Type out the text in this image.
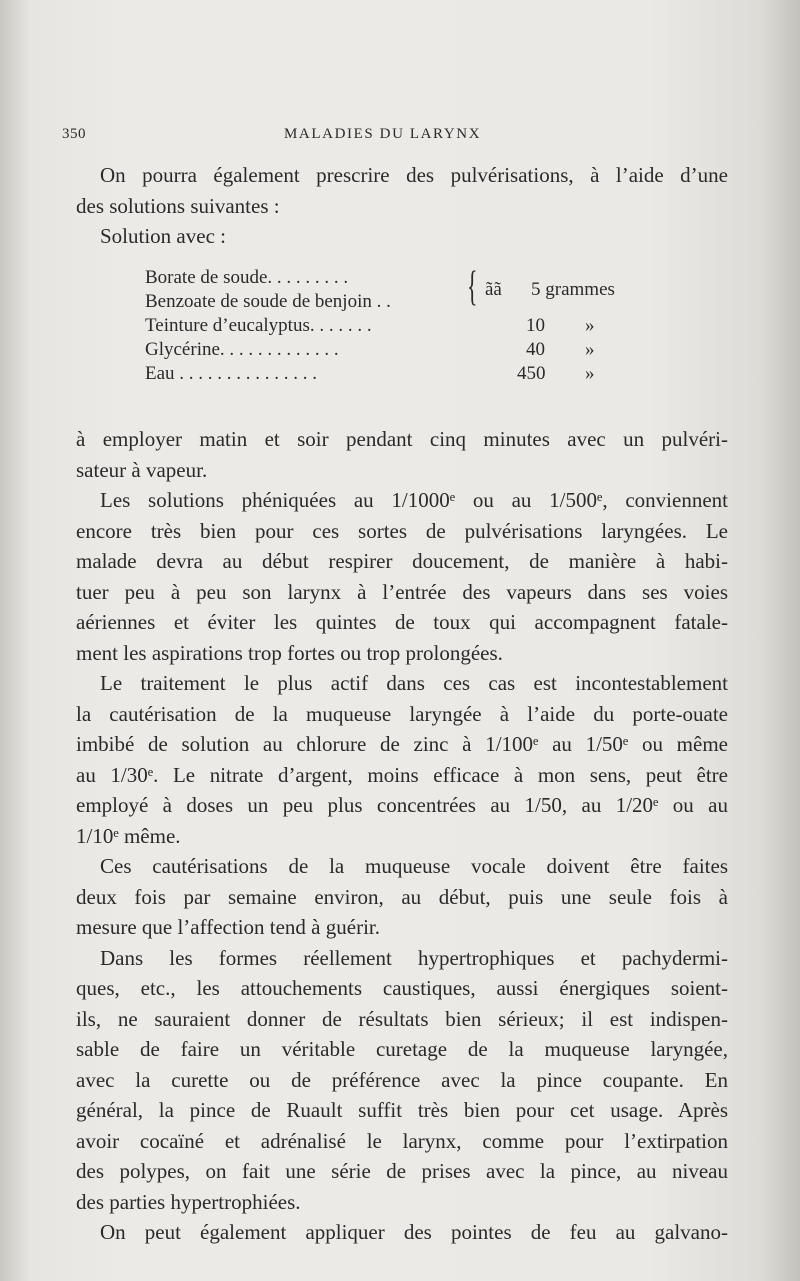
350	MALADIES DU LARYNX
On pourra également prescrire des pulvérisations, à l’aide d’une
des solutions suivantes :
Solution avec :
Borate de soude. . . . . . . . .	{ ãã 5 grammes
Benzoate de soude de benjoin . .
Teinture d’eucalyptus. . . . . . .	10 »
Glycérine. . . . . . . . . . . . .	40 »
Eau . . . . . . . . . . . . . . .	450 »
à employer matin et soir pendant cinq minutes avec un pulvéri-
sateur à vapeur.
Les solutions phéniquées au 1/1000ᵉ ou au 1/500ᵉ, conviennent
encore très bien pour ces sortes de pulvérisations laryngées. Le
malade devra au début respirer doucement, de manière à habi-
tuer peu à peu son larynx à l’entrée des vapeurs dans ses voies
aériennes et éviter les quintes de toux qui accompagnent fatale-
ment les aspirations trop fortes ou trop prolongées.
Le traitement le plus actif dans ces cas est incontestablement
la cautérisation de la muqueuse laryngée à l’aide du porte-ouate
imbibé de solution au chlorure de zinc à 1/100ᵉ au 1/50ᵉ ou même
au 1/30ᵉ. Le nitrate d’argent, moins efficace à mon sens, peut être
employé à doses un peu plus concentrées au 1/50, au 1/20ᵉ ou au
1/10ᵉ même.
Ces cautérisations de la muqueuse vocale doivent être faites
deux fois par semaine environ, au début, puis une seule fois à
mesure que l’affection tend à guérir.
Dans les formes réellement hypertrophiques et pachydermi-
ques, etc., les attouchements caustiques, aussi énergiques soient-
ils, ne sauraient donner de résultats bien sérieux; il est indispen-
sable de faire un véritable curetage de la muqueuse laryngée,
avec la curette ou de préférence avec la pince coupante. En
général, la pince de Ruault suffit très bien pour cet usage. Après
avoir cocaïné et adrénalisé le larynx, comme pour l’extirpation
des polypes, on fait une série de prises avec la pince, au niveau
des parties hypertrophiées.
On peut également appliquer des pointes de feu au galvano-
